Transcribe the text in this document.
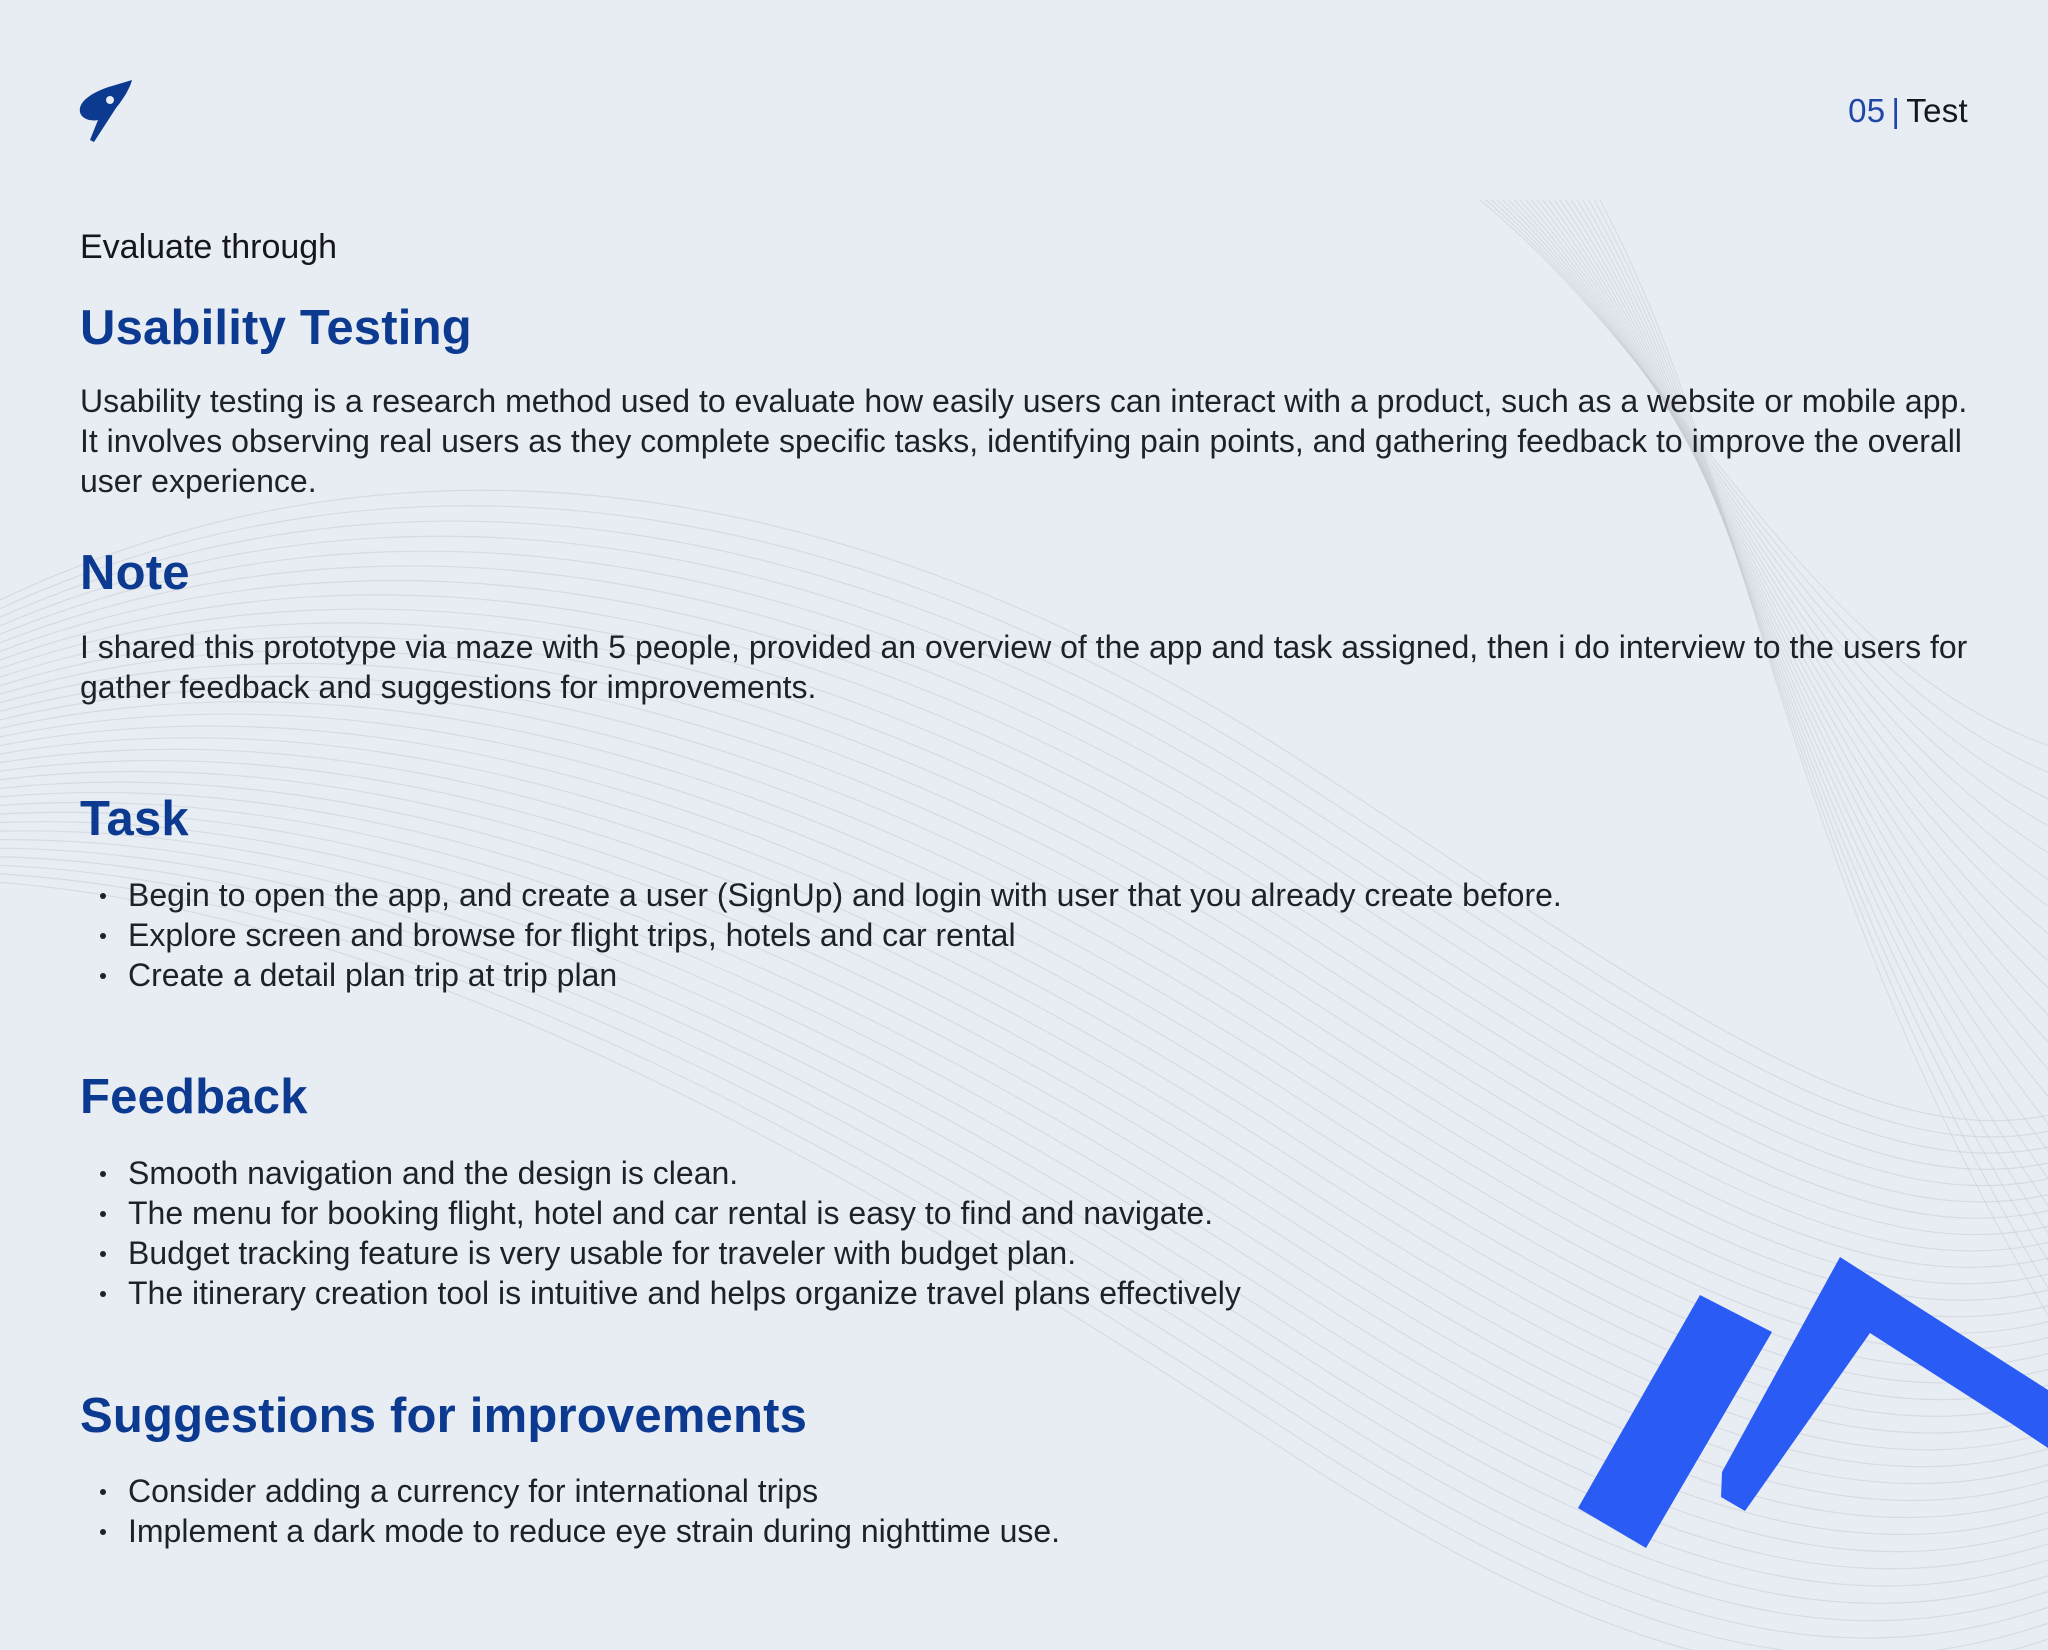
05 | Test
Evaluate through
Usability Testing

Usability testing is a research method used to evaluate how easily users can interact with a product, such as a website or mobile app. It involves observing real users as they complete specific tasks, identifying pain points, and gathering feedback to improve the overall user experience.

Note

I shared this prototype via maze with 5 people, provided an overview of the app and task assigned, then i do interview to the users for gather feedback and suggestions for improvements.

Task
Begin to open the app, and create a user (SignUp) and login with user that you already create before.
Explore screen and browse for flight trips, hotels and car rental
Create a detail plan trip at trip plan
Feedback
Smooth navigation and the design is clean.
The menu for booking flight, hotel and car rental is easy to find and navigate.
Budget tracking feature is very usable for traveler with budget plan.
The itinerary creation tool is intuitive and helps organize travel plans effectively
Suggestions for improvements
Consider adding a currency for international trips
Implement a dark mode to reduce eye strain during nighttime use.
